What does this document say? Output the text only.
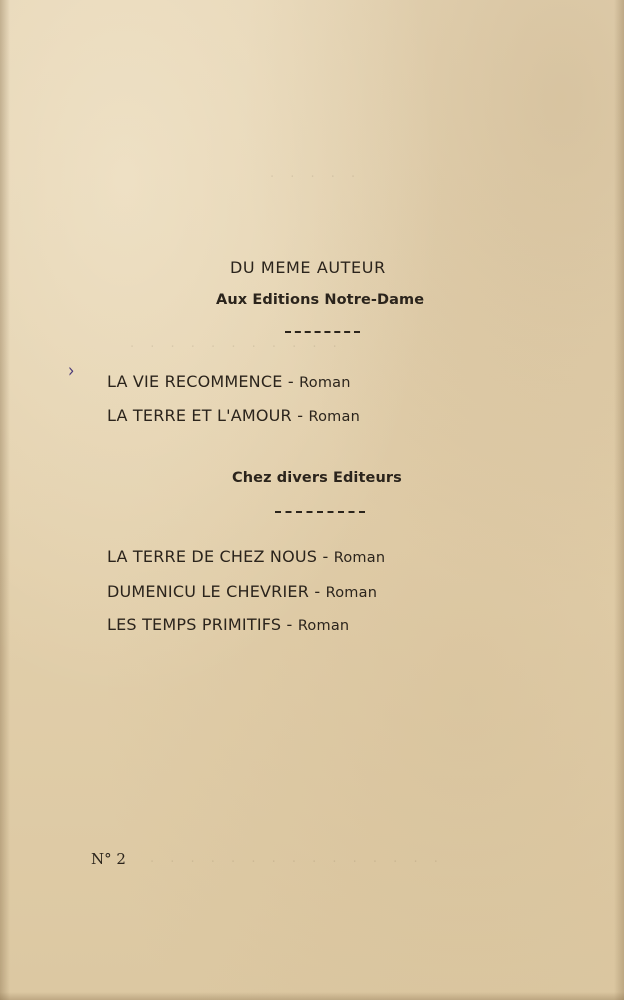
· · · · ·
· · · · · · · · · · ·
· · · · · · · · · · · · · · ·
›
DU MEME AUTEUR
Aux Editions Notre-Dame
LA VIE RECOMMENCE - Roman
LA TERRE ET L'AMOUR - Roman
Chez divers Editeurs
LA TERRE DE CHEZ NOUS - Roman
DUMENICU LE CHEVRIER - Roman
LES TEMPS PRIMITIFS - Roman
N° 2
